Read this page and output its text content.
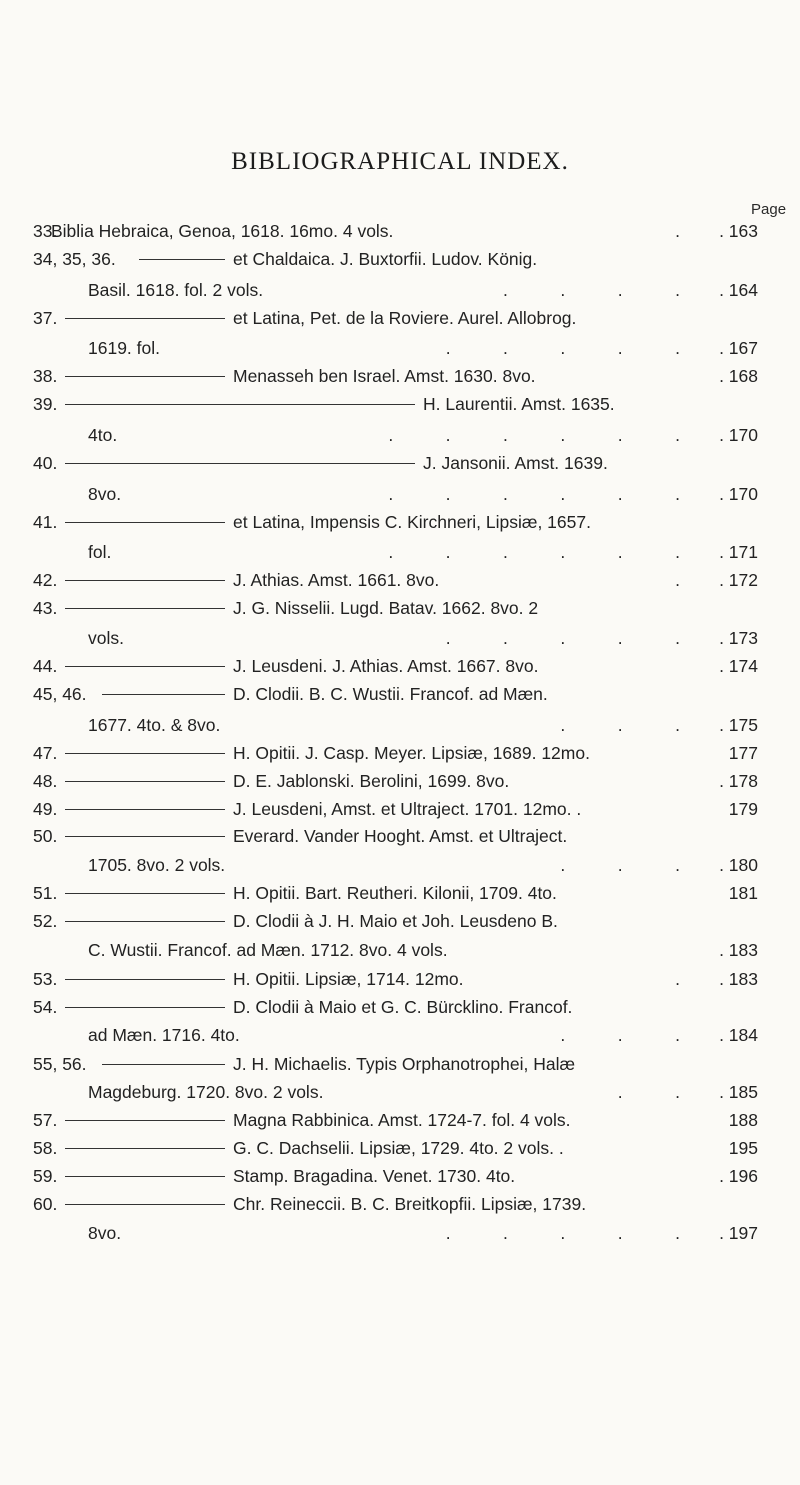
BIBLIOGRAPHICAL INDEX.
Page
33.
Biblia Hebraica, Genoa, 1618. 16mo. 4 vols.	. . 163
34, 35, 36.	et Chaldaica. J. Buxtorfii. Ludov. König.
Basil. 1618. fol. 2 vols.	.   .   .   . . 164
37.	et Latina, Pet. de la Roviere. Aurel. Allobrog.
1619. fol.	.   .   .   .   . . 167
38.	Menasseh ben Israel. Amst. 1630. 8vo.	. 168
39.	H. Laurentii. Amst. 1635.
4to.	.   .   .   .   .   . . 170
40.	J. Jansonii. Amst. 1639.
8vo.	.   .   .   .   .   . . 170
41.	et Latina, Impensis C. Kirchneri, Lipsiæ, 1657.
fol.	.   .   .   .   .   . . 171
42.	J. Athias. Amst. 1661. 8vo.	. . 172
43.	J. G. Nisselii. Lugd. Batav. 1662. 8vo. 2
vols.	.   .   .   .   . . 173
44.	J. Leusdeni. J. Athias. Amst. 1667. 8vo.	. 174
45, 46.	D. Clodii. B. C. Wustii. Francof. ad Mæn.
1677. 4to. & 8vo.	.   .   . . 175
47.	H. Opitii. J. Casp. Meyer. Lipsiæ, 1689. 12mo.	177
48.	D. E. Jablonski. Berolini, 1699. 8vo.	. 178
49.	J. Leusdeni, Amst. et Ultraject. 1701. 12mo. .	179
50.	Everard. Vander Hooght. Amst. et Ultraject.
1705. 8vo. 2 vols.	.   .   . . 180
51.	H. Opitii. Bart. Reutheri. Kilonii, 1709. 4to.	181
52.	D. Clodii à J. H. Maio et Joh. Leusdeno B.
C. Wustii. Francof. ad Mæn. 1712. 8vo. 4 vols.	. 183
53.	H. Opitii. Lipsiæ, 1714. 12mo.	. . 183
54.	D. Clodii à Maio et G. C. Bürcklino. Francof.
ad Mæn. 1716. 4to.	.   .   . . 184
55, 56.	J. H. Michaelis. Typis Orphanotrophei, Halæ
Magdeburg. 1720. 8vo. 2 vols.	.   . . 185
57.	Magna Rabbinica. Amst. 1724-7. fol. 4 vols.	188
58.	G. C. Dachselii. Lipsiæ, 1729. 4to. 2 vols. .	195
59.	Stamp. Bragadina. Venet. 1730. 4to.	. 196
60.	Chr. Reineccii. B. C. Breitkopfii. Lipsiæ, 1739.
8vo.	.   .   .   .   . . 197
